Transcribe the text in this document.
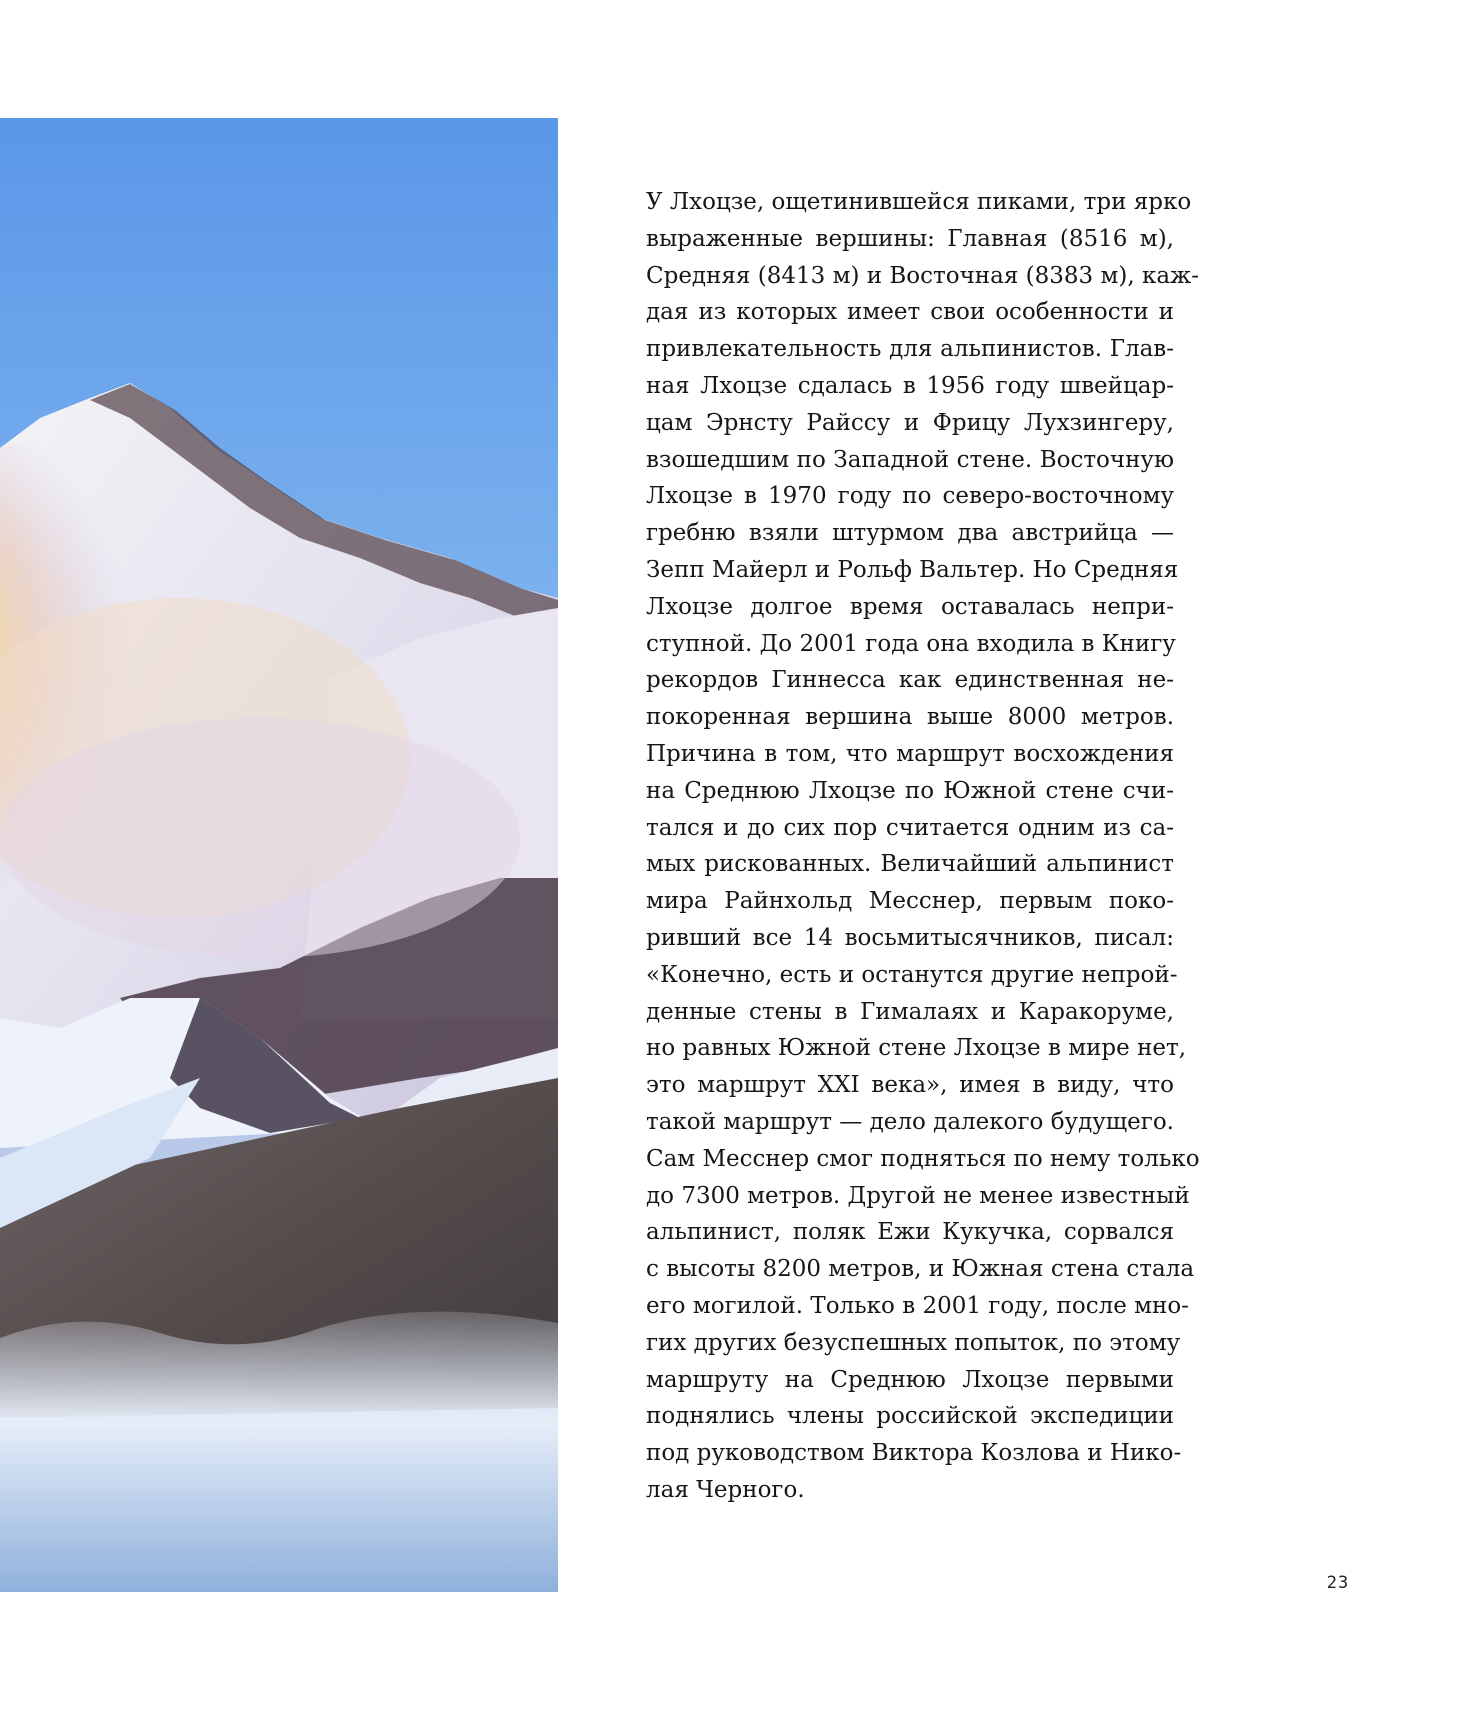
У Лхоцзе, ощетинившейся пиками, три ярко
выраженные вершины: Главная (8516 м),
Средняя (8413 м) и Восточная (8383 м), каж-
дая из которых имеет свои особенности и
привлекательность для альпинистов. Глав-
ная Лхоцзе сдалась в 1956 году швейцар-
цам Эрнсту Райссу и Фрицу Лухзингеру,
взошедшим по Западной стене. Восточную
Лхоцзе в 1970 году по северо-восточному
гребню взяли штурмом два австрийца —
Зепп Майерл и Рольф Вальтер. Но Средняя
Лхоцзе долгое время оставалась непри-
ступной. До 2001 года она входила в Книгу
рекордов Гиннесса как единственная не-
покоренная вершина выше 8000 метров.
Причина в том, что маршрут восхождения
на Среднюю Лхоцзе по Южной стене счи-
тался и до сих пор считается одним из са-
мых рискованных. Величайший альпинист
мира Райнхольд Месснер, первым поко-
ривший все 14 восьмитысячников, писал:
«Конечно, есть и останутся другие непрой-
денные стены в Гималаях и Каракоруме,
но равных Южной стене Лхоцзе в мире нет,
это маршрут XXI века», имея в виду, что
такой маршрут — дело далекого будущего.
Сам Месснер смог подняться по нему только
до 7300 метров. Другой не менее известный
альпинист, поляк Ежи Кукучка, сорвался
с высоты 8200 метров, и Южная стена стала
его могилой. Только в 2001 году, после мно-
гих других безуспешных попыток, по этому
маршруту на Среднюю Лхоцзе первыми
поднялись члены российской экспедиции
под руководством Виктора Козлова и Нико-
лая Черного.
23
